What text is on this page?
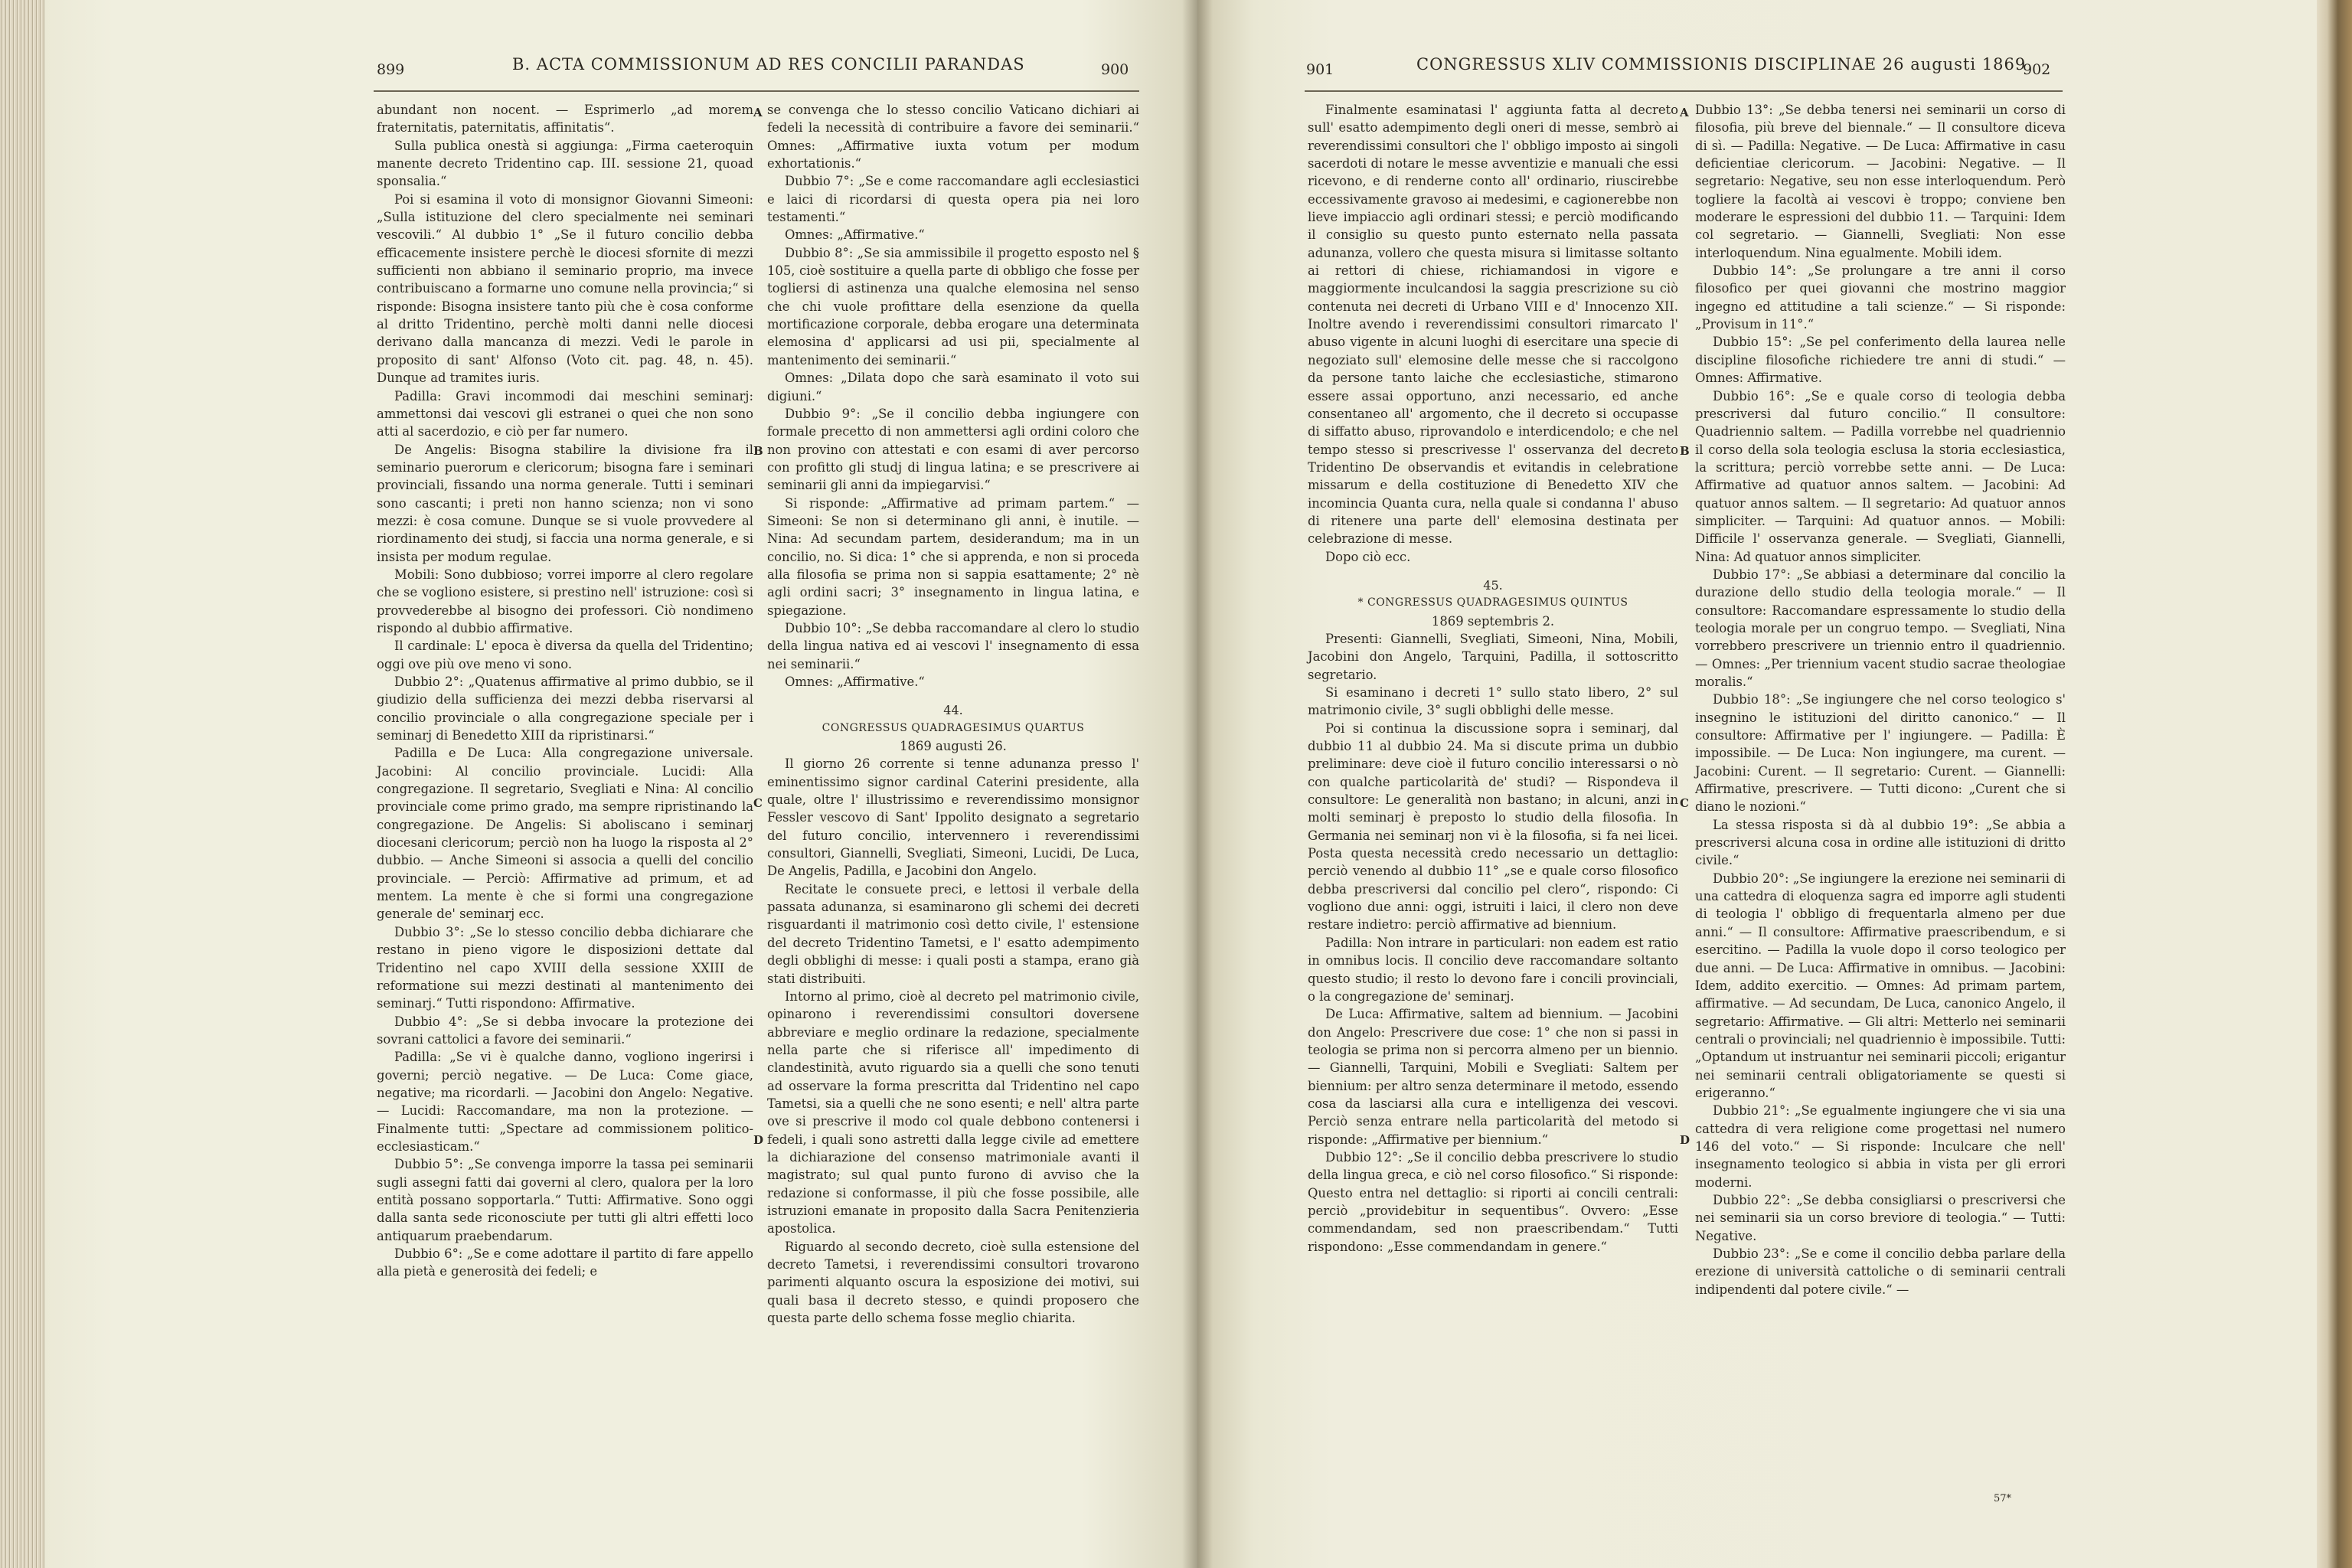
899	B. ACTA COMMISSIONUM AD RES CONCILII PARANDAS	900

abundant non nocent. — Esprimerlo „ad morem fraternitatis, paternitatis, affinitatis“.

Sulla publica onestà si aggiunga: „Firma caeteroquin manente decreto Tridentino cap. III. sessione 21, quoad sponsalia.“

Poi si esamina il voto di monsignor Giovanni Simeoni: „Sulla istituzione del clero specialmente nei seminari vescovili.“ Al dubbio 1° „Se il futuro concilio debba efficacemente insistere perchè le diocesi sfornite di mezzi sufficienti non abbiano il seminario proprio, ma invece contribuiscano a formarne uno comune nella provincia;“ si risponde: Bisogna insistere tanto più che è cosa conforme al dritto Tridentino, perchè molti danni nelle diocesi derivano dalla mancanza di mezzi. Vedi le parole in proposito di sant' Alfonso (Voto cit. pag. 48, n. 45). Dunque ad tramites iuris.

Padilla: Gravi incommodi dai meschini seminarj: ammettonsi dai vescovi gli estranei o quei che non sono atti al sacerdozio, e ciò per far numero.

De Angelis: Bisogna stabilire la divisione fra il seminario puerorum e clericorum; bisogna fare i seminari provinciali, fissando una norma generale. Tutti i seminari sono cascanti; i preti non hanno scienza; non vi sono mezzi: è cosa comune. Dunque se si vuole provvedere al riordinamento dei studj, si faccia una norma generale, e si insista per modum regulae.

Mobili: Sono dubbioso; vorrei imporre al clero regolare che se vogliono esistere, si prestino nell' istruzione: così si provvederebbe al bisogno dei professori. Ciò nondimeno rispondo al dubbio affirmative.

Il cardinale: L' epoca è diversa da quella del Tridentino; oggi ove più ove meno vi sono.

Dubbio 2°: „Quatenus affirmative al primo dubbio, se il giudizio della sufficienza dei mezzi debba riservarsi al concilio provinciale o alla congregazione speciale per i seminarj di Benedetto XIII da ripristinarsi.“

Padilla e De Luca: Alla congregazione universale. Jacobini: Al concilio provinciale. Lucidi: Alla congregazione. Il segretario, Svegliati e Nina: Al concilio provinciale come primo grado, ma sempre ripristinando la congregazione. De Angelis: Si aboliscano i seminarj diocesani clericorum; perciò non ha luogo la risposta al 2° dubbio. — Anche Simeoni si associa a quelli del concilio provinciale. — Perciò: Affirmative ad primum, et ad mentem. La mente è che si formi una congregazione generale de' seminarj ecc.

Dubbio 3°: „Se lo stesso concilio debba dichiarare che restano in pieno vigore le disposizioni dettate dal Tridentino nel capo XVIII della sessione XXIII de reformatione sui mezzi destinati al mantenimento dei seminarj.“ Tutti rispondono: Affirmative.

Dubbio 4°: „Se si debba invocare la protezione dei sovrani cattolici a favore dei seminarii.“

Padilla: „Se vi è qualche danno, vogliono ingerirsi i governi; perciò negative. — De Luca: Come giace, negative; ma ricordarli. — Jacobini don Angelo: Negative. — Lucidi: Raccomandare, ma non la protezione. — Finalmente tutti: „Spectare ad commissionem politico-ecclesiasticam.“

Dubbio 5°: „Se convenga imporre la tassa pei seminarii sugli assegni fatti dai governi al clero, qualora per la loro entità possano sopportarla.“ Tutti: Affirmative. Sono oggi dalla santa sede riconosciute per tutti gli altri effetti loco antiquarum praebendarum.

Dubbio 6°: „Se e come adottare il partito di fare appello alla pietà e generosità dei fedeli; e

se convenga che lo stesso concilio Vaticano dichiari ai fedeli la necessità di contribuire a favore dei seminarii.“ Omnes: „Affirmative iuxta votum per modum exhortationis.“

Dubbio 7°: „Se e come raccomandare agli ecclesiastici e laici di ricordarsi di questa opera pia nei loro testamenti.“

Omnes: „Affirmative.“

Dubbio 8°: „Se sia ammissibile il progetto esposto nel § 105, cioè sostituire a quella parte di obbligo che fosse per togliersi di astinenza una qualche elemosina nel senso che chi vuole profittare della esenzione da quella mortificazione corporale, debba erogare una determinata elemosina d' applicarsi ad usi pii, specialmente al mantenimento dei seminarii.“

Omnes: „Dilata dopo che sarà esaminato il voto sui digiuni.“

Dubbio 9°: „Se il concilio debba ingiungere con formale precetto di non ammettersi agli ordini coloro che non provino con attestati e con esami di aver percorso con profitto gli studj di lingua latina; e se prescrivere ai seminarii gli anni da impiegarvisi.“

Si risponde: „Affirmative ad primam partem.“ — Simeoni: Se non si determinano gli anni, è inutile. — Nina: Ad secundam partem, desiderandum; ma in un concilio, no. Si dica: 1° che si apprenda, e non si proceda alla filosofia se prima non si sappia esattamente; 2° nè agli ordini sacri; 3° insegnamento in lingua latina, e spiegazione.

Dubbio 10°: „Se debba raccomandare al clero lo studio della lingua nativa ed ai vescovi l' insegnamento di essa nei seminarii.“

Omnes: „Affirmative.“

44.

CONGRESSUS QUADRAGESIMUS QUARTUS

1869 augusti 26.

Il giorno 26 corrente si tenne adunanza presso l' eminentissimo signor cardinal Caterini presidente, alla quale, oltre l' illustrissimo e reverendissimo monsignor Fessler vescovo di Sant' Ippolito designato a segretario del futuro concilio, intervennero i reverendissimi consultori, Giannelli, Svegliati, Simeoni, Lucidi, De Luca, De Angelis, Padilla, e Jacobini don Angelo.

Recitate le consuete preci, e lettosi il verbale della passata adunanza, si esaminarono gli schemi dei decreti risguardanti il matrimonio così detto civile, l' estensione del decreto Tridentino Tametsi, e l' esatto adempimento degli obblighi di messe: i quali posti a stampa, erano già stati distribuiti.

Intorno al primo, cioè al decreto pel matrimonio civile, opinarono i reverendissimi consultori doversene abbreviare e meglio ordinare la redazione, specialmente nella parte che si riferisce all' impedimento di clandestinità, avuto riguardo sia a quelli che sono tenuti ad osservare la forma prescritta dal Tridentino nel capo Tametsi, sia a quelli che ne sono esenti; e nell' altra parte ove si prescrive il modo col quale debbono contenersi i fedeli, i quali sono astretti dalla legge civile ad emettere la dichiarazione del consenso matrimoniale avanti il magistrato; sul qual punto furono di avviso che la redazione si conformasse, il più che fosse possibile, alle istruzioni emanate in proposito dalla Sacra Penitenzieria apostolica.

Riguardo al secondo decreto, cioè sulla estensione del decreto Tametsi, i reverendissimi consultori trovarono parimenti alquanto oscura la esposizione dei motivi, sui quali basa il decreto stesso, e quindi proposero che questa parte dello schema fosse meglio chiarita.

A
B
C
D
901	CONGRESSUS XLIV COMMISSIONIS DISCIPLINAE 26 augusti 1869
902

Finalmente esaminatasi l' aggiunta fatta al decreto sull' esatto adempimento degli oneri di messe, sembrò ai reverendissimi consultori che l' obbligo imposto ai singoli sacerdoti di notare le messe avventizie e manuali che essi ricevono, e di renderne conto all' ordinario, riuscirebbe eccessivamente gravoso ai medesimi, e cagionerebbe non lieve impiaccio agli ordinari stessi; e perciò modificando il consiglio su questo punto esternato nella passata adunanza, vollero che questa misura si limitasse soltanto ai rettori di chiese, richiamandosi in vigore e maggiormente inculcandosi la saggia prescrizione su ciò contenuta nei decreti di Urbano VIII e d' Innocenzo XII. Inoltre avendo i reverendissimi consultori rimarcato l' abuso vigente in alcuni luoghi di esercitare una specie di negoziato sull' elemosine delle messe che si raccolgono da persone tanto laiche che ecclesiastiche, stimarono essere assai opportuno, anzi necessario, ed anche consentaneo all' argomento, che il decreto si occupasse di siffatto abuso, riprovandolo e interdicendolo; e che nel tempo stesso si prescrivesse l' osservanza del decreto Tridentino De observandis et evitandis in celebratione missarum e della costituzione di Benedetto XIV che incomincia Quanta cura, nella quale si condanna l' abuso di ritenere una parte dell' elemosina destinata per celebrazione di messe.

Dopo ciò ecc.

45.

* CONGRESSUS QUADRAGESIMUS QUINTUS

1869 septembris 2.

Presenti: Giannelli, Svegliati, Simeoni, Nina, Mobili, Jacobini don Angelo, Tarquini, Padilla, il sottoscritto segretario.

Si esaminano i decreti 1° sullo stato libero, 2° sul matrimonio civile, 3° sugli obblighi delle messe.

Poi si continua la discussione sopra i seminarj, dal dubbio 11 al dubbio 24. Ma si discute prima un dubbio preliminare: deve cioè il futuro concilio interessarsi o nò con qualche particolarità de' studi? — Rispondeva il consultore: Le generalità non bastano; in alcuni, anzi in molti seminarj è preposto lo studio della filosofia. In Germania nei seminarj non vi è la filosofia, si fa nei licei. Posta questa necessità credo necessario un dettaglio: perciò venendo al dubbio 11° „se e quale corso filosofico debba prescriversi dal concilio pel clero“, rispondo: Ci vogliono due anni: oggi, istruiti i laici, il clero non deve restare indietro: perciò affirmative ad biennium.

Padilla: Non intrare in particulari: non eadem est ratio in omnibus locis. Il concilio deve raccomandare soltanto questo studio; il resto lo devono fare i concili provinciali, o la congregazione de' seminarj.

De Luca: Affirmative, saltem ad biennium. — Jacobini don Angelo: Prescrivere due cose: 1° che non si passi in teologia se prima non si percorra almeno per un biennio. — Giannelli, Tarquini, Mobili e Svegliati: Saltem per biennium: per altro senza determinare il metodo, essendo cosa da lasciarsi alla cura e intelligenza dei vescovi. Perciò senza entrare nella particolarità del metodo si risponde: „Affirmative per biennium.“

Dubbio 12°: „Se il concilio debba prescrivere lo studio della lingua greca, e ciò nel corso filosofico.“ Si risponde: Questo entra nel dettaglio: si riporti ai concili centrali: perciò „providebitur in sequentibus“. Ovvero: „Esse commendandam, sed non praescribendam.“ Tutti rispondono: „Esse commendandam in genere.“

Dubbio 13°: „Se debba tenersi nei seminarii un corso di filosofia, più breve del biennale.“ — Il consultore diceva di sì. — Padilla: Negative. — De Luca: Affirmative in casu deficientiae clericorum. — Jacobini: Negative. — Il segretario: Negative, seu non esse interloquendum. Però togliere la facoltà ai vescovi è troppo; conviene ben moderare le espressioni del dubbio 11. — Tarquini: Idem col segretario. — Giannelli, Svegliati: Non esse interloquendum. Nina egualmente. Mobili idem.

Dubbio 14°: „Se prolungare a tre anni il corso filosofico per quei giovanni che mostrino maggior ingegno ed attitudine a tali scienze.“ — Si risponde: „Provisum in 11°.“

Dubbio 15°: „Se pel conferimento della laurea nelle discipline filosofiche richiedere tre anni di studi.“ — Omnes: Affirmative.

Dubbio 16°: „Se e quale corso di teologia debba prescriversi dal futuro concilio.“ Il consultore: Quadriennio saltem. — Padilla vorrebbe nel quadriennio il corso della sola teologia esclusa la storia ecclesiastica, la scrittura; perciò vorrebbe sette anni. — De Luca: Affirmative ad quatuor annos saltem. — Jacobini: Ad quatuor annos saltem. — Il segretario: Ad quatuor annos simpliciter. — Tarquini: Ad quatuor annos. — Mobili: Difficile l' osservanza generale. — Svegliati, Giannelli, Nina: Ad quatuor annos simpliciter.

Dubbio 17°: „Se abbiasi a determinare dal concilio la durazione dello studio della teologia morale.“ — Il consultore: Raccomandare espressamente lo studio della teologia morale per un congruo tempo. — Svegliati, Nina vorrebbero prescrivere un triennio entro il quadriennio. — Omnes: „Per triennium vacent studio sacrae theologiae moralis.“

Dubbio 18°: „Se ingiungere che nel corso teologico s' insegnino le istituzioni del diritto canonico.“ — Il consultore: Affirmative per l' ingiungere. — Padilla: È impossibile. — De Luca: Non ingiungere, ma curent. — Jacobini: Curent. — Il segretario: Curent. — Giannelli: Affirmative, prescrivere. — Tutti dicono: „Curent che si diano le nozioni.“

La stessa risposta si dà al dubbio 19°: „Se abbia a prescriversi alcuna cosa in ordine alle istituzioni di dritto civile.“

Dubbio 20°: „Se ingiungere la erezione nei seminarii di una cattedra di eloquenza sagra ed imporre agli studenti di teologia l' obbligo di frequentarla almeno per due anni.“ — Il consultore: Affirmative praescribendum, e si esercitino. — Padilla la vuole dopo il corso teologico per due anni. — De Luca: Affirmative in omnibus. — Jacobini: Idem, addito exercitio. — Omnes: Ad primam partem, affirmative. — Ad secundam, De Luca, canonico Angelo, il segretario: Affirmative. — Gli altri: Metterlo nei seminarii centrali o provinciali; nel quadriennio è impossibile. Tutti: „Optandum ut instruantur nei seminarii piccoli; erigantur nei seminarii centrali obligatoriamente se questi si erigeranno.“

Dubbio 21°: „Se egualmente ingiungere che vi sia una cattedra di vera religione come progettasi nel numero 146 del voto.“ — Si risponde: Inculcare che nell' insegnamento teologico si abbia in vista per gli errori moderni.

Dubbio 22°: „Se debba consigliarsi o prescriversi che nei seminarii sia un corso breviore di teologia.“ — Tutti: Negative.

Dubbio 23°: „Se e come il concilio debba parlare della erezione di università cattoliche o di seminarii centrali indipendenti dal potere civile.“ —

A
B
C
D
57*
